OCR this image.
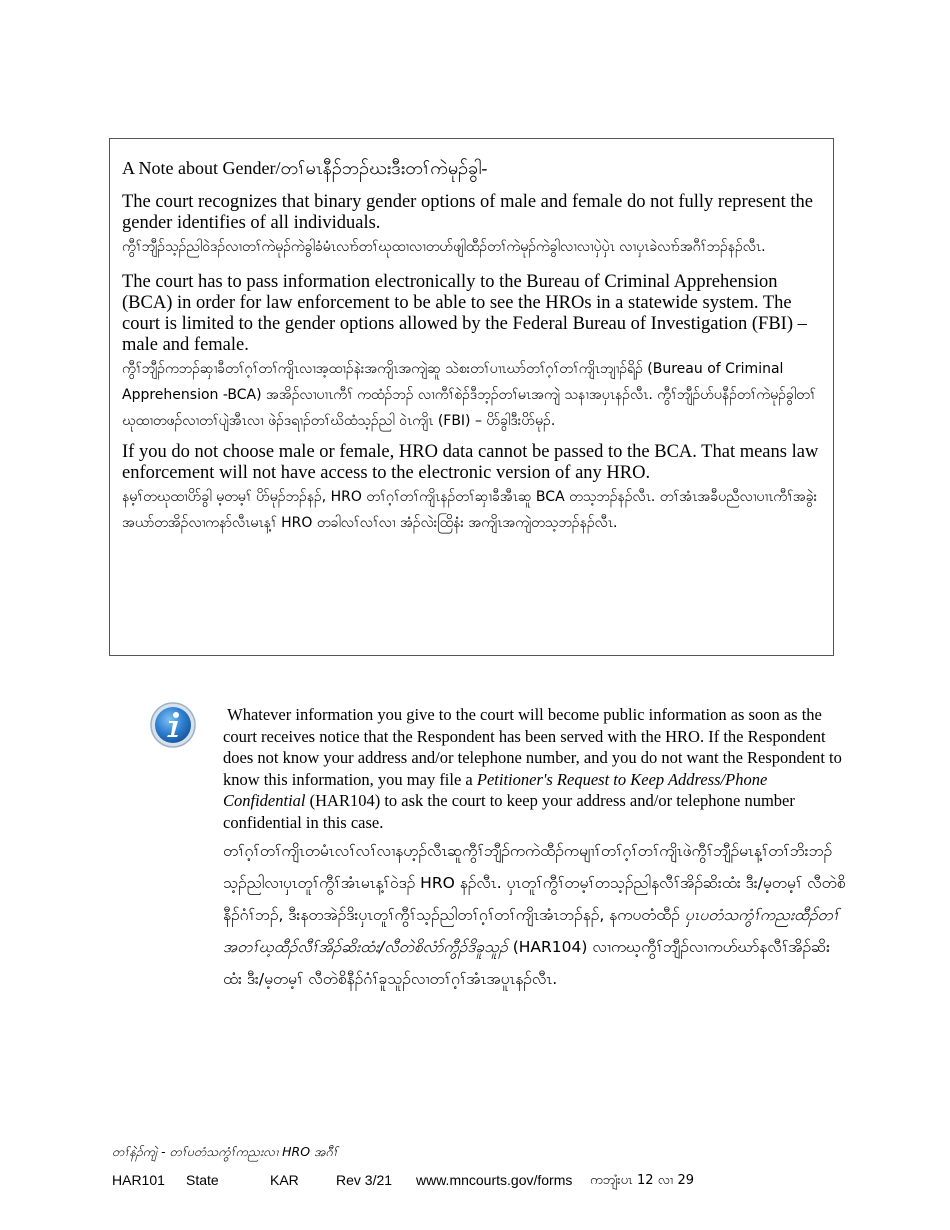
A Note about Gender/တၢ်မၤနီၣ်ဘၣ်ဃးဒီးတၢ်ကဲမုၣ်ခွါ-

The court recognizes that binary gender options of male and female do not fully represent the gender identifies of all individuals.

ကွီၢ်ဘျီၣ်သ့ၣ်ညါဝဲဒၣ်လၢတၢ်ကဲမုၣ်ကဲခွါခံမံၤလၢာ်တၢ်ဃုထၢလၢတဟ်ဖျါထီၣ်တၢ်ကဲမုၣ်ကဲခွါလၢလၢပှဲပှဲၤ လၢပှၤခဲလၢာ်အဂီၢ်ဘၣ်နၣ်လီၤ.

The court has to pass information electronically to the Bureau of Criminal Apprehension (BCA) in order for law enforcement to be able to see the HROs in a statewide system. The court is limited to the gender options allowed by the Federal Bureau of Investigation (FBI) – male and female.

ကွီၢ်ဘျီၣ်ကဘၣ်ဆှၢခီတၢ်ဂ့ၢ်တၢ်ကျိၤလၢအ့ထၢၣ်နဲးအကျိၤအကျဲဆူ သဲစးတၢ်ပၢၤဃာ်တၢ်ဂ့ၢ်တၢ်ကျိၤဘျၢၣ်ရိၣ် (Bureau of Criminal Apprehension -BCA) အအိၣ်လၢပၢၤကီၢ် ကထံၣ်ဘၣ် လၢကီၢ်စဲၣ်ဒီဘ့ၣ်တၢ်မၤအကျဲ သနၢအပှၤနၣ်လီၤ. ကွီၢ်ဘျီၣ်ဟ်ပနီၣ်တၢ်ကဲမုၣ်ခွါတၢ်ဃုထၢတဖၣ်လၢတၢ်ပျဲအီၤလၢ ဖဲၣ်ဒရၢၣ်တၢ်ဃိထံသ့ၣ်ညါ ဝဲၤကျိၤ (FBI) – ပိာ်ခွါဒီးပိာ်မုၣ်.

If you do not choose male or female, HRO data cannot be passed to the BCA. That means law enforcement will not have access to the electronic version of any HRO.

နမ့ၢ်တဃုထၢပိာ်ခွါ မ့တမ့ၢ် ပိာ်မုၣ်ဘၣ်နၣ်, HRO တၢ်ဂ့ၢ်တၢ်ကျိၤနၣ်တၢ်ဆှၢခီအီၤဆူ BCA တသ့ဘၣ်နၣ်လီၤ. တၢ်အံၤအခီပညီလၢပၢၤကီၢ်အခွဲးအယာ်တအိၣ်လၢကနာ်လီၤမၤန့ၢ် HRO တခါလၢ်လၢ်လၢ အံၣ်လဲးထြိနံး အကျိၤအကျဲတသ့ဘၣ်နၣ်လီၤ.

Whatever information you give to the court will become public information as soon as the court receives notice that the Respondent has been served with the HRO. If the Respondent does not know your address and/or telephone number, and you do not want the Respondent to know this information, you may file a Petitioner's Request to Keep Address/Phone Confidential (HAR104) to ask the court to keep your address and/or telephone number confidential in this case.

တၢ်ဂ့ၢ်တၢ်ကျိၤတမံၤလၢ်လၢ်လၢနဟ့ၣ်လီၤဆူကွီၢ်ဘျီၣ်ကကဲထီၣ်ကမျၢၢ်တၢ်ဂ့ၢ်တၢ်ကျိၤဖဲကွီၢ်ဘျီၣ်မၤန့ၢ်တၢ်ဘိးဘၣ်သ့ၣ်ညါလၢပှၤတူၢ်ကွီၢ်အံၤမၤန့ၢ်ဝဲဒၣ် HRO နၣ်လီၤ. ပှၤတူၢ်ကွီၢ်တမ့ၢ်တသ့ၣ်ညါနလီၢ်အိၣ်ဆိးထံး ဒီး/မ့တမ့ၢ် လီတဲစိနီၣ်ဂံၢ်ဘၣ်, ဒီးနတအဲၣ်ဒိးပှၤတူၢ်ကွီၢ်သ့ၣ်ညါတၢ်ဂ့ၢ်တၢ်ကျိၤအံၤဘၣ်နၣ်, နကပတံထီၣ် ပှၤပတံသကွံၢ်ကညးထီၣ်တၢ် အတၢ်ဃ့ထီၣ်လီၢ်အိၣ်ဆိးထံး/လီတဲစိလံာ်ကွီၣ်ဒိခူသူၣ် (HAR104) လၢကဃ့ကွီၢ်ဘျီၣ်လၢကဟ်ဃာ်နလီၢ်အိၣ်ဆိးထံး ဒီး/မ့တမ့ၢ် လီတဲစိနီၣ်ဂံၢ်ခူသူၣ်လၢတၢ်ဂ့ၢ်အံၤအပူၤနၣ်လီၤ.

တၢ်နဲၣ်ကျဲ - တၢ်ပတံသကွံၢ်ကညးလၢ HRO အဂီၢ်
HAR101	State	KAR	Rev 3/21	www.mncourts.gov/forms	ကဘျံးပၤ 12 လၢ 29
